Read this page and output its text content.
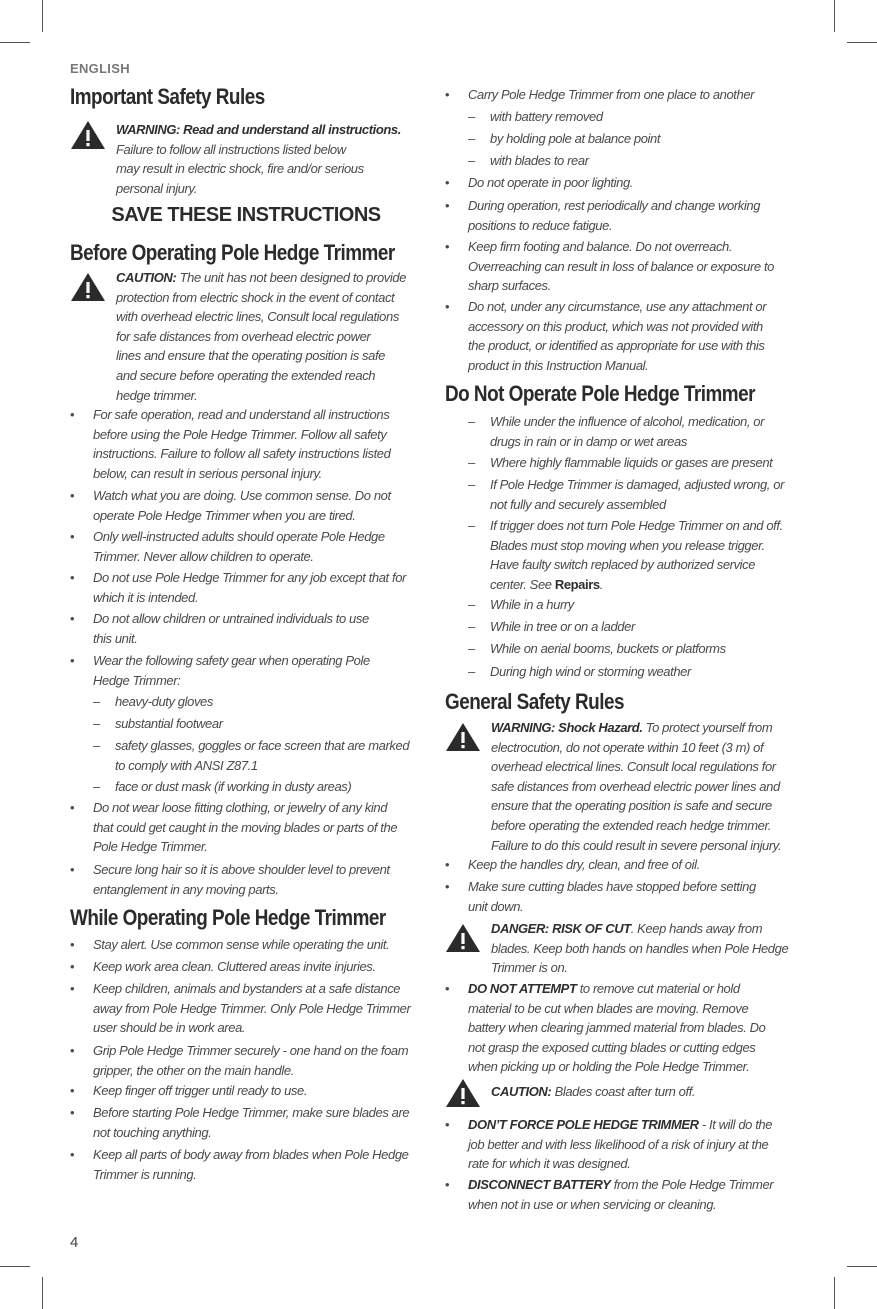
ENGLISH
Important Safety Rules
WARNING: Read and understand all instructions.
Failure to follow all instructions listed below
may result in electric shock, fire and/or serious
personal injury.
SAVE THESE INSTRUCTIONS
Before Operating Pole Hedge Trimmer
CAUTION: The unit has not been designed to provide
protection from electric shock in the event of contact
with overhead electric lines, Consult local regulations
for safe distances from overhead electric power
lines and ensure that the operating position is safe
and secure before operating the extended reach
hedge trimmer.
• For safe operation, read and understand all instructions
before using the Pole Hedge Trimmer. Follow all safety
instructions. Failure to follow all safety instructions listed
below, can result in serious personal injury.
• Watch what you are doing. Use common sense. Do not
operate Pole Hedge Trimmer when you are tired.
• Only well-instructed adults should operate Pole Hedge
Trimmer. Never allow children to operate.
• Do not use Pole Hedge Trimmer for any job except that for
which it is intended.
• Do not allow children or untrained individuals to use
this unit.
• Wear the following safety gear when operating Pole
Hedge Trimmer:
– heavy-duty gloves
– substantial footwear
– safety glasses, goggles or face screen that are marked
to comply with ANSI Z87.1
– face or dust mask (if working in dusty areas)
• Do not wear loose fitting clothing, or jewelry of any kind
that could get caught in the moving blades or parts of the
Pole Hedge Trimmer.
• Secure long hair so it is above shoulder level to prevent
entanglement in any moving parts.
While Operating Pole Hedge Trimmer
• Stay alert. Use common sense while operating the unit.
• Keep work area clean. Cluttered areas invite injuries.
• Keep children, animals and bystanders at a safe distance
away from Pole Hedge Trimmer. Only Pole Hedge Trimmer
user should be in work area.
• Grip Pole Hedge Trimmer securely - one hand on the foam
gripper, the other on the main handle.
• Keep finger off trigger until ready to use.
• Before starting Pole Hedge Trimmer, make sure blades are
not touching anything.
• Keep all parts of body away from blades when Pole Hedge
Trimmer is running.
• Carry Pole Hedge Trimmer from one place to another
– with battery removed
– by holding pole at balance point
– with blades to rear
• Do not operate in poor lighting.
• During operation, rest periodically and change working
positions to reduce fatigue.
• Keep firm footing and balance. Do not overreach.
Overreaching can result in loss of balance or exposure to
sharp surfaces.
• Do not, under any circumstance, use any attachment or
accessory on this product, which was not provided with
the product, or identified as appropriate for use with this
product in this Instruction Manual.
Do Not Operate Pole Hedge Trimmer
– While under the influence of alcohol, medication, or
drugs in rain or in damp or wet areas
– Where highly flammable liquids or gases are present
– If Pole Hedge Trimmer is damaged, adjusted wrong, or
not fully and securely assembled
– If trigger does not turn Pole Hedge Trimmer on and off.
Blades must stop moving when you release trigger.
Have faulty switch replaced by authorized service
center. See Repairs.
– While in a hurry
– While in tree or on a ladder
– While on aerial booms, buckets or platforms
– During high wind or storming weather
General Safety Rules
WARNING: Shock Hazard. To protect yourself from
electrocution, do not operate within 10 feet (3 m) of
overhead electrical lines. Consult local regulations for
safe distances from overhead electric power lines and
ensure that the operating position is safe and secure
before operating the extended reach hedge trimmer.
Failure to do this could result in severe personal injury.
• Keep the handles dry, clean, and free of oil.
• Make sure cutting blades have stopped before setting
unit down.
DANGER: RISK OF CUT. Keep hands away from
blades. Keep both hands on handles when Pole Hedge
Trimmer is on.
• DO NOT ATTEMPT to remove cut material or hold
material to be cut when blades are moving. Remove
battery when clearing jammed material from blades. Do
not grasp the exposed cutting blades or cutting edges
when picking up or holding the Pole Hedge Trimmer.
CAUTION: Blades coast after turn off.
• DON’T FORCE POLE HEDGE TRIMMER - It will do the
job better and with less likelihood of a risk of injury at the
rate for which it was designed.
• DISCONNECT BATTERY from the Pole Hedge Trimmer
when not in use or when servicing or cleaning.
4
